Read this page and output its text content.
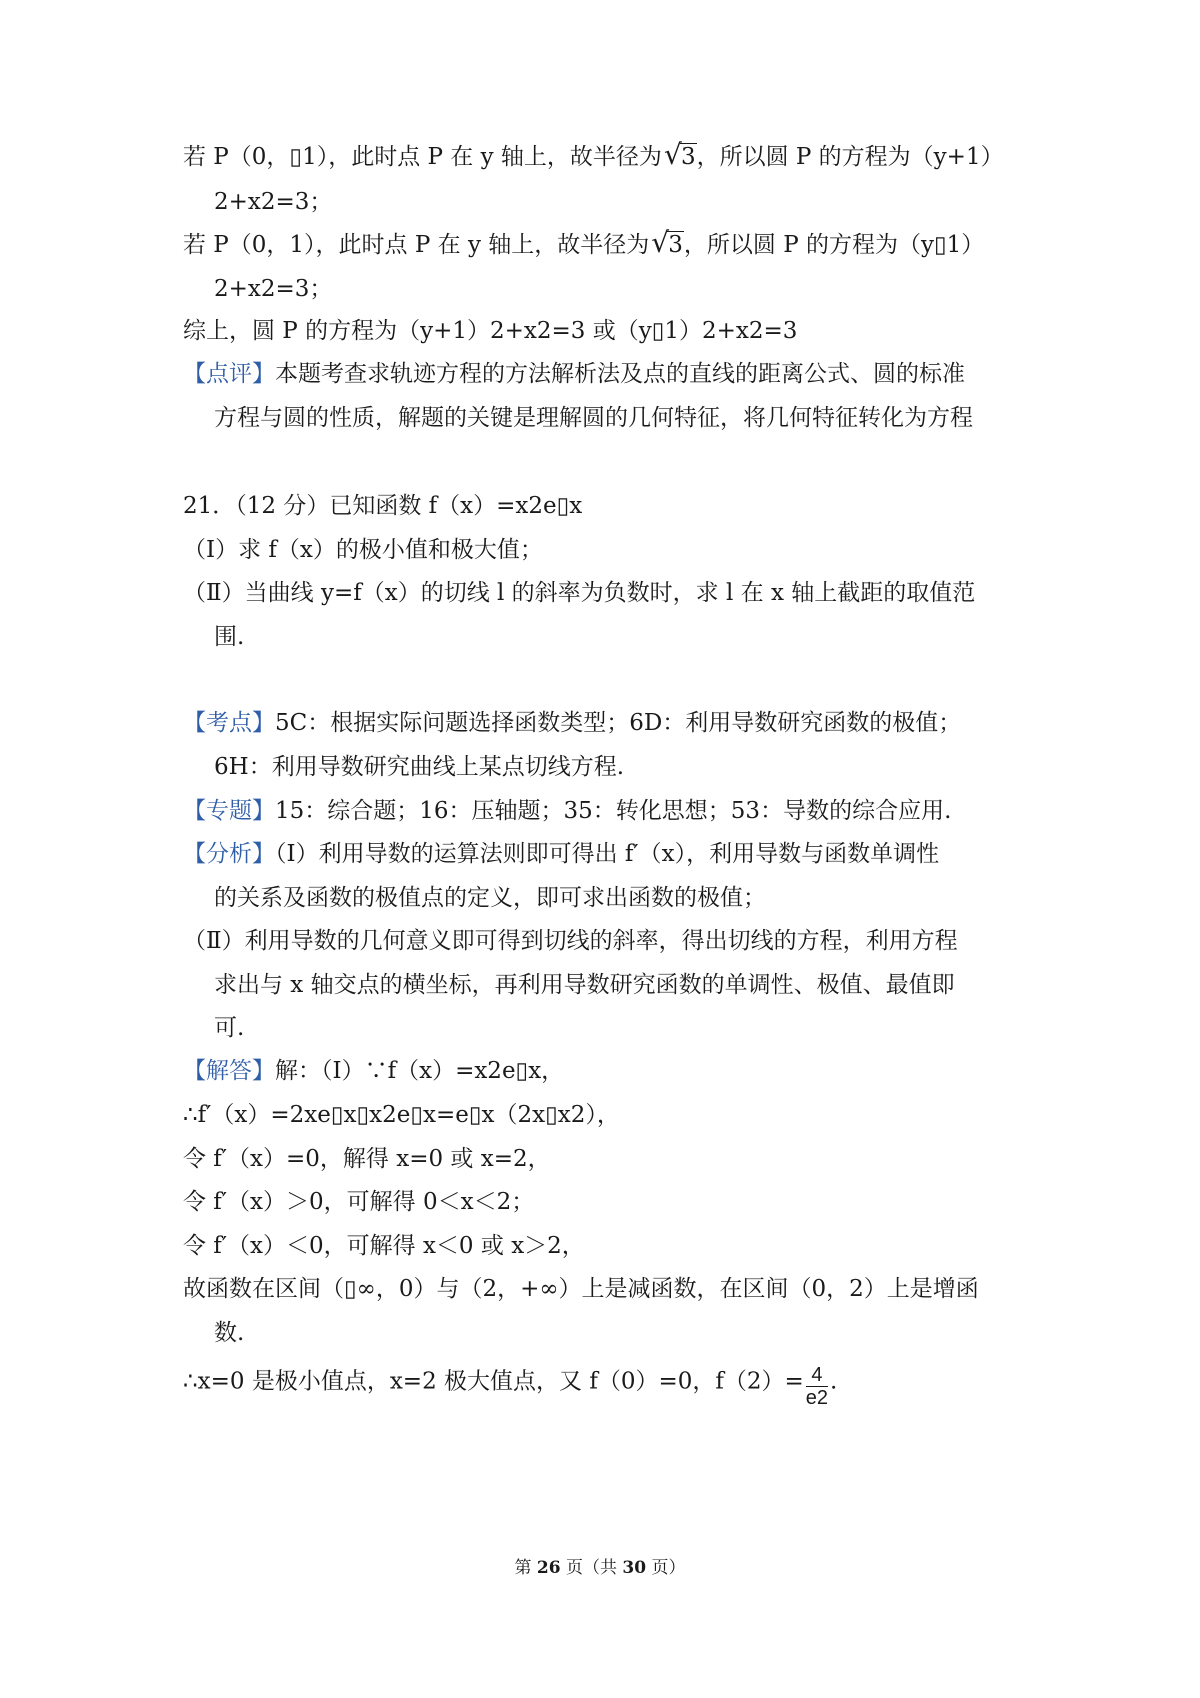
若 P（0，▯1），此时点 P 在 y 轴上，故半径为 √ 3，所以圆 P 的方程为（y+1）
2+x2=3；
若 P（0，1），此时点 P 在 y 轴上，故半径为 √ 3，所以圆 P 的方程为（y▯1）
2+x2=3；
综上，圆 P 的方程为（y+1）2+x2=3 或（y▯1）2+x2=3
【点评】本题考查求轨迹方程的方法解析法及点的直线的距离公式、圆的标准
方程与圆的性质，解题的关键是理解圆的几何特征，将几何特征转化为方程
21．（12 分）已知函数 f（x）=x2e▯x
（Ⅰ）求 f（x）的极小值和极大值；
（Ⅱ）当曲线 y=f（x）的切线 l 的斜率为负数时，求 l 在 x 轴上截距的取值范
围.
【考点】5C：根据实际问题选择函数类型；6D：利用导数研究函数的极值；
6H：利用导数研究曲线上某点切线方程.
【专题】15：综合题；16：压轴题；35：转化思想；53：导数的综合应用.
【分析】（Ⅰ）利用导数的运算法则即可得出 f′（x），利用导数与函数单调性
的关系及函数的极值点的定义，即可求出函数的极值；
（Ⅱ）利用导数的几何意义即可得到切线的斜率，得出切线的方程，利用方程
求出与 x 轴交点的横坐标，再利用导数研究函数的单调性、极值、最值即
可.
【解答】解：（Ⅰ）∵f（x）=x2e▯x，
∴f′（x）=2xe▯x▯x2e▯x=e▯x（2x▯x2），
令 f′（x）=0，解得 x=0 或 x=2，
令 f′（x）＞0，可解得 0＜x＜2；
令 f′（x）＜0，可解得 x＜0 或 x＞2，
故函数在区间（▯∞，0）与（2，+∞）上是减函数，在区间（0，2）上是增函
数.
∴x=0 是极小值点，x=2 极大值点，又 f（0）=0，$f(2)= \frac{4}{e2}$ .
第 26 页（共 30 页）
